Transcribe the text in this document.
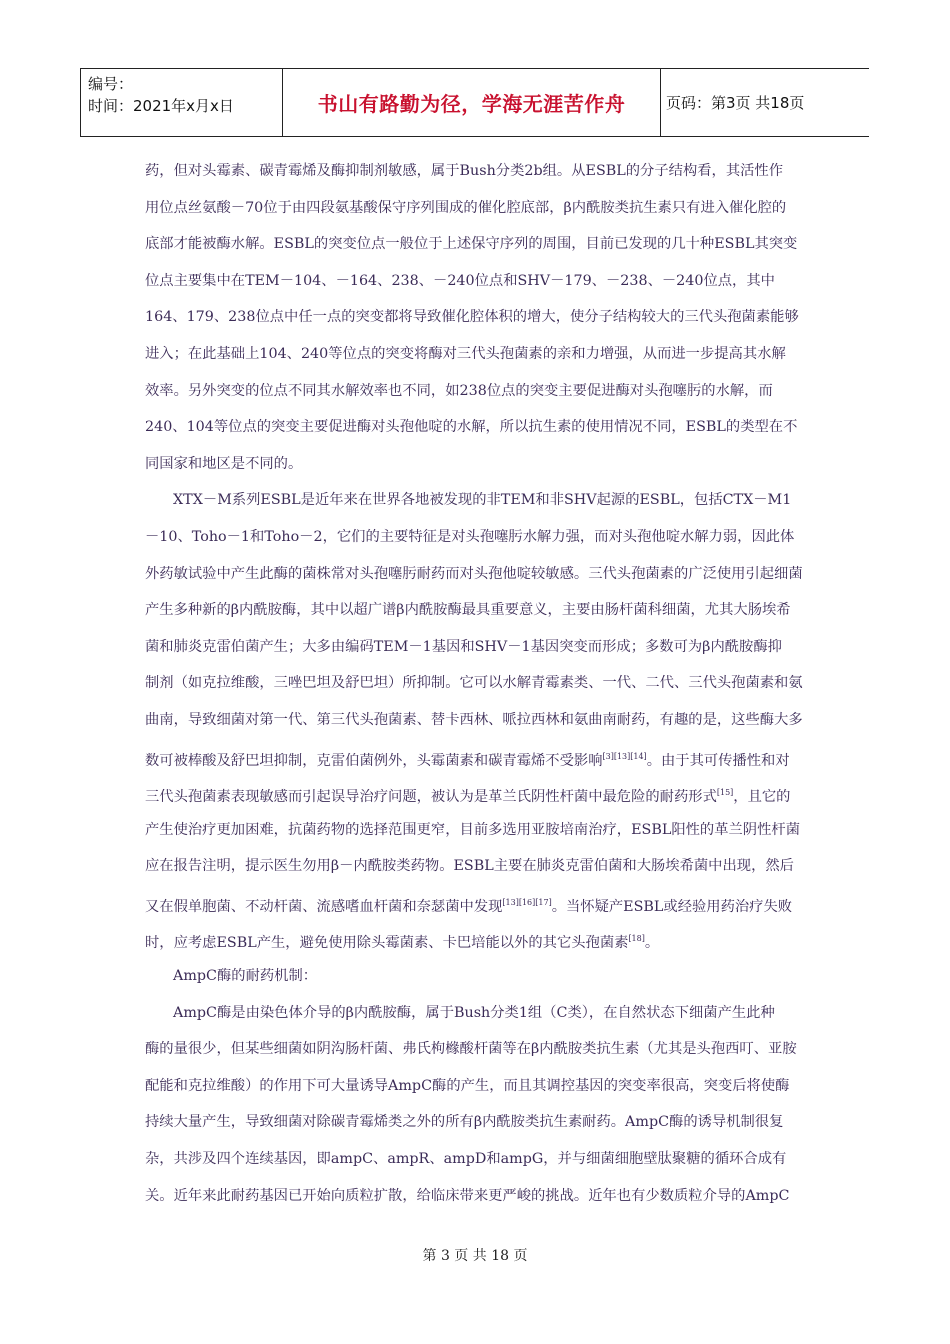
编号：
时间：2021年x月x日	书山有路勤为径，学海无涯苦作舟	页码：第3页 共18页
药，但对头霉素、碳青霉烯及酶抑制剂敏感，属于Bush分类2b组。从ESBL的分子结构看，其活性作
用位点丝氨酸－70位于由四段氨基酸保守序列围成的催化腔底部，β内酰胺类抗生素只有进入催化腔的
底部才能被酶水解。ESBL的突变位点一般位于上述保守序列的周围，目前已发现的几十种ESBL其突变
位点主要集中在TEM－104、－164、238、－240位点和SHV－179、－238、－240位点，其中
164、179、238位点中任一点的突变都将导致催化腔体积的增大，使分子结构较大的三代头孢菌素能够
进入；在此基础上104、240等位点的突变将酶对三代头孢菌素的亲和力增强，从而进一步提高其水解
效率。另外突变的位点不同其水解效率也不同，如238位点的突变主要促进酶对头孢噻肟的水解，而
240、104等位点的突变主要促进酶对头孢他啶的水解，所以抗生素的使用情况不同，ESBL的类型在不
同国家和地区是不同的。
XTX－M系列ESBL是近年来在世界各地被发现的非TEM和非SHV起源的ESBL，包括CTX－M1
－10、Toho－1和Toho－2，它们的主要特征是对头孢噻肟水解力强，而对头孢他啶水解力弱，因此体
外药敏试验中产生此酶的菌株常对头孢噻肟耐药而对头孢他啶较敏感。三代头孢菌素的广泛使用引起细菌
产生多种新的β内酰胺酶，其中以超广谱β内酰胺酶最具重要意义，主要由肠杆菌科细菌，尤其大肠埃希
菌和肺炎克雷伯菌产生；大多由编码TEM－1基因和SHV－1基因突变而形成；多数可为β内酰胺酶抑
制剂（如克拉维酸，三唑巴坦及舒巴坦）所抑制。它可以水解青霉素类、一代、二代、三代头孢菌素和氨
曲南，导致细菌对第一代、第三代头孢菌素、替卡西林、哌拉西林和氨曲南耐药，有趣的是，这些酶大多
数可被棒酸及舒巴坦抑制，克雷伯菌例外，头霉菌素和碳青霉烯不受影响[3][13][14]。由于其可传播性和对
三代头孢菌素表现敏感而引起误导治疗问题，被认为是革兰氏阴性杆菌中最危险的耐药形式[15]，且它的
产生使治疗更加困难，抗菌药物的选择范围更窄，目前多选用亚胺培南治疗，ESBL阳性的革兰阴性杆菌
应在报告注明，提示医生勿用β－内酰胺类药物。ESBL主要在肺炎克雷伯菌和大肠埃希菌中出现，然后
又在假单胞菌、不动杆菌、流感嗜血杆菌和奈瑟菌中发现[13][16][17]。当怀疑产ESBL或经验用药治疗失败
时，应考虑ESBL产生，避免使用除头霉菌素、卡巴培能以外的其它头孢菌素[18]。
AmpC酶的耐药机制：
AmpC酶是由染色体介导的β内酰胺酶，属于Bush分类1组（C类），在自然状态下细菌产生此种
酶的量很少，但某些细菌如阴沟肠杆菌、弗氏枸橼酸杆菌等在β内酰胺类抗生素（尤其是头孢西叮、亚胺
配能和克拉维酸）的作用下可大量诱导AmpC酶的产生，而且其调控基因的突变率很高，突变后将使酶
持续大量产生，导致细菌对除碳青霉烯类之外的所有β内酰胺类抗生素耐药。AmpC酶的诱导机制很复
杂，共涉及四个连续基因，即ampC、ampR、ampD和ampG，并与细菌细胞壁肽聚糖的循环合成有
关。近年来此耐药基因已开始向质粒扩散，给临床带来更严峻的挑战。近年也有少数质粒介导的AmpC
第 3 页 共 18 页
